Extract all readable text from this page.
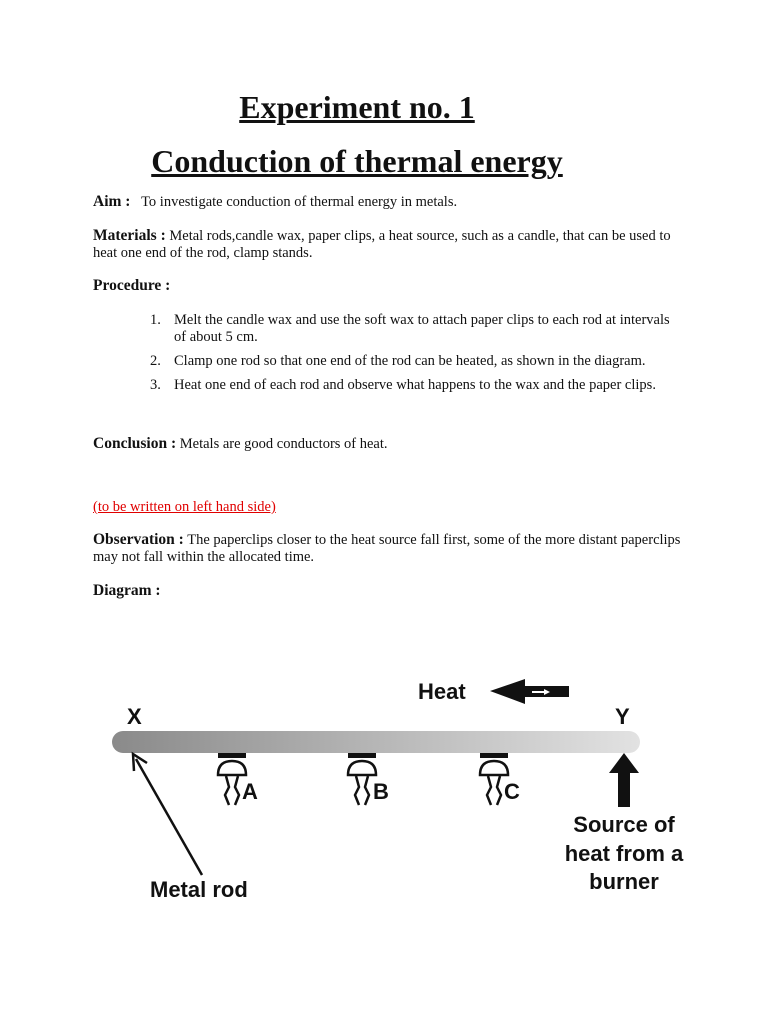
Experiment no. 1
Conduction of thermal energy

Aim : To investigate conduction of thermal energy in metals.

Materials : Metal rods,candle wax, paper clips, a heat source, such as a candle, that can be used to heat one end of the rod, clamp stands.

Procedure :

1. Melt the candle wax and use the soft wax to attach paper clips to each rod at intervals of about 5 cm.
2. Clamp one rod so that one end of the rod can be heated, as shown in the diagram.
3. Heat one end of each rod and observe what happens to the wax and the paper clips.

Conclusion : Metals are good conductors of heat.

(to be written on left hand side)

Observation : The paperclips closer to the heat source fall first, some of the more distant paperclips may not fall within the allocated time.

Diagram :

Heat
X	Y
A	B	C
Metal rod
Source of
heat from a
burner
